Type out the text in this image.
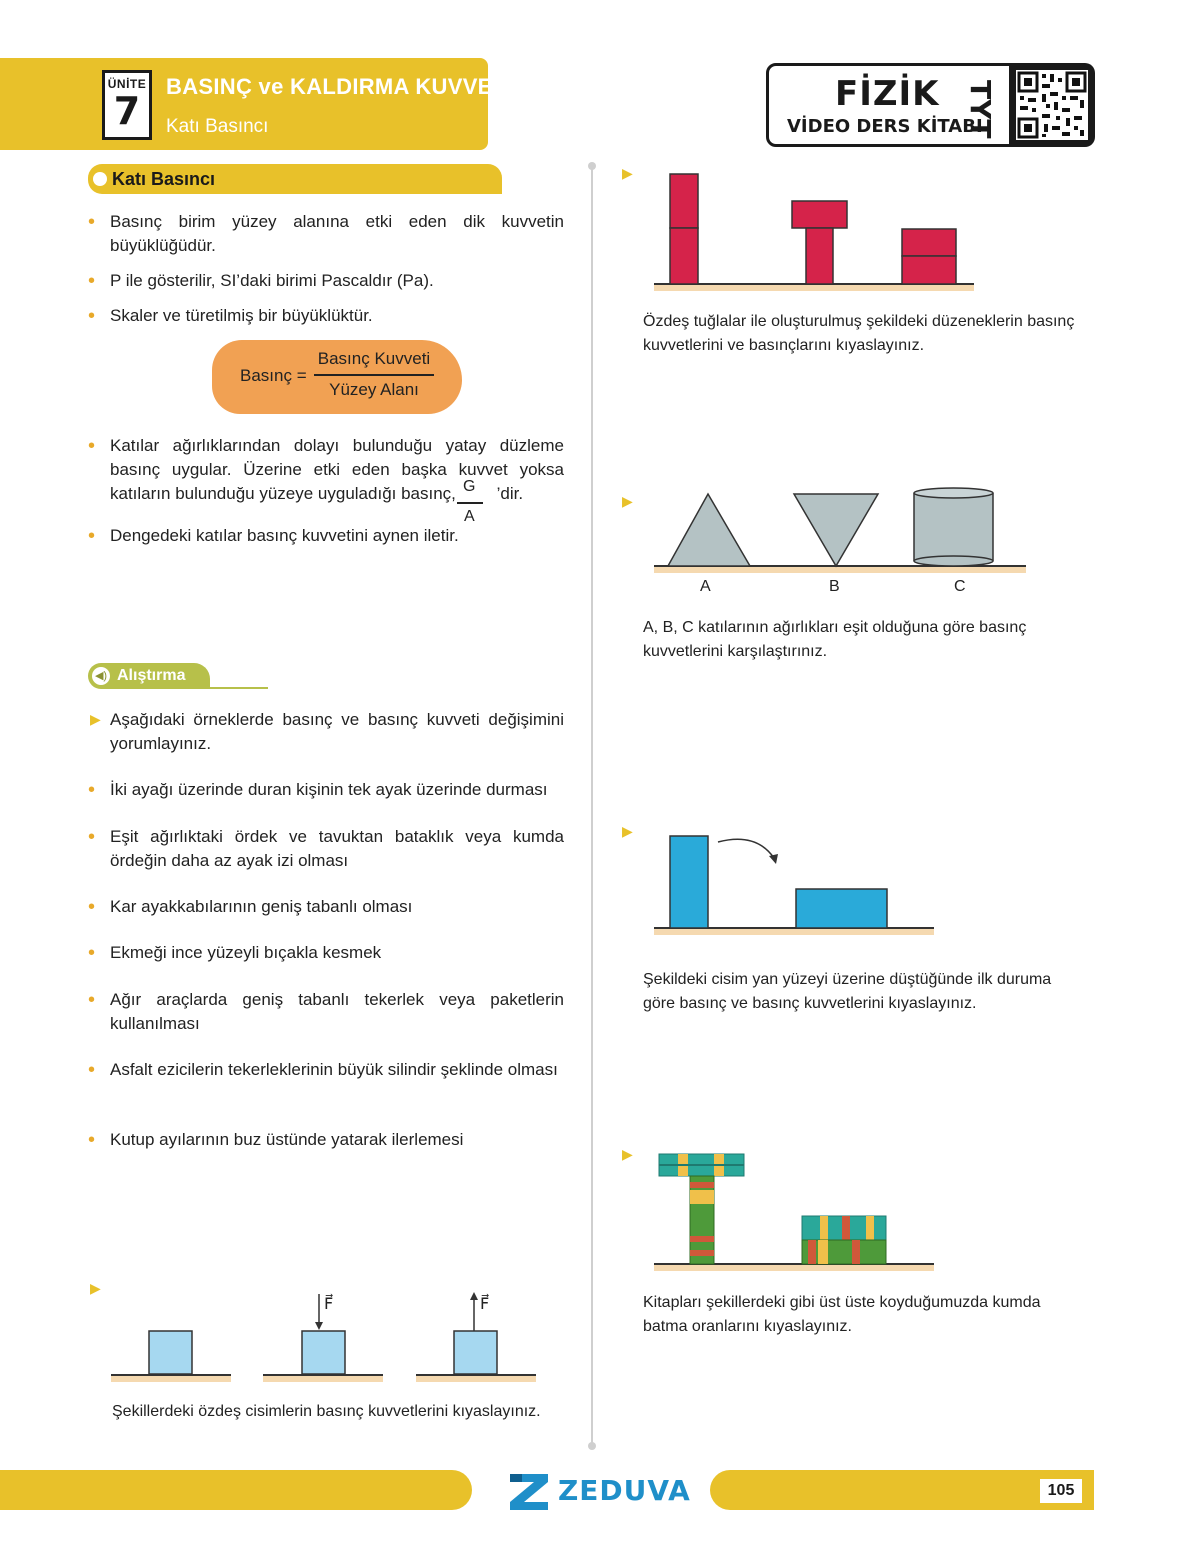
ÜNİTE
7
BASINÇ ve KALDIRMA KUVVETİ
Katı Basıncı
FİZİK
VİDEO DERS KİTABI
TYT
Katı Basıncı
• Basınç birim yüzey alanına etki eden dik kuvvetin büyüklüğüdür.
• P ile gösterilir, SI’daki birimi Pascaldır (Pa).
• Skaler ve türetilmiş bir büyüklüktür.
Basınç =
Basınç Kuvveti
Yüzey Alanı
• Katılar ağırlıklarından dolayı bulunduğu yatay düzleme basınç uygular. Üzerine etki eden başka kuvvet yoksa katıların bulunduğu yüzeye uyguladığı basınç, ’dir.
G
A
• Dengedeki katılar basınç kuvvetini aynen iletir.
◀) Alıştırma
▶ Aşağıdaki örneklerde basınç ve basınç kuvveti değişimini yorumlayınız.
• İki ayağı üzerinde duran kişinin tek ayak üzerinde durması
• Eşit ağırlıktaki ördek ve tavuktan bataklık veya kumda ördeğin daha az ayak izi olması
• Kar ayakkabılarının geniş tabanlı olması
• Ekmeği ince yüzeyli bıçakla kesmek
• Ağır araçlarda geniş tabanlı tekerlek veya paketlerin kullanılması
• Asfalt ezicilerin tekerleklerinin büyük silindir şeklinde olması
• Kutup ayılarının buz üstünde yatarak ilerlemesi
▶
F⃗	F⃗
Şekillerdeki özdeş cisimlerin basınç kuvvetlerini kıyaslayınız.
▶
Özdeş tuğlalar ile oluşturulmuş şekildeki düzeneklerin basınç kuvvetlerini ve basınçlarını kıyaslayınız.
▶
A	B	C
A, B, C katılarının ağırlıkları eşit olduğuna göre basınç kuvvetlerini karşılaştırınız.
▶
Şekildeki cisim yan yüzeyi üzerine düştüğünde ilk duruma göre basınç ve basınç kuvvetlerini kıyaslayınız.
▶
Kitapları şekillerdeki gibi üst üste koyduğumuzda kumda batma oranlarını kıyaslayınız.
ZEDUVA	105
